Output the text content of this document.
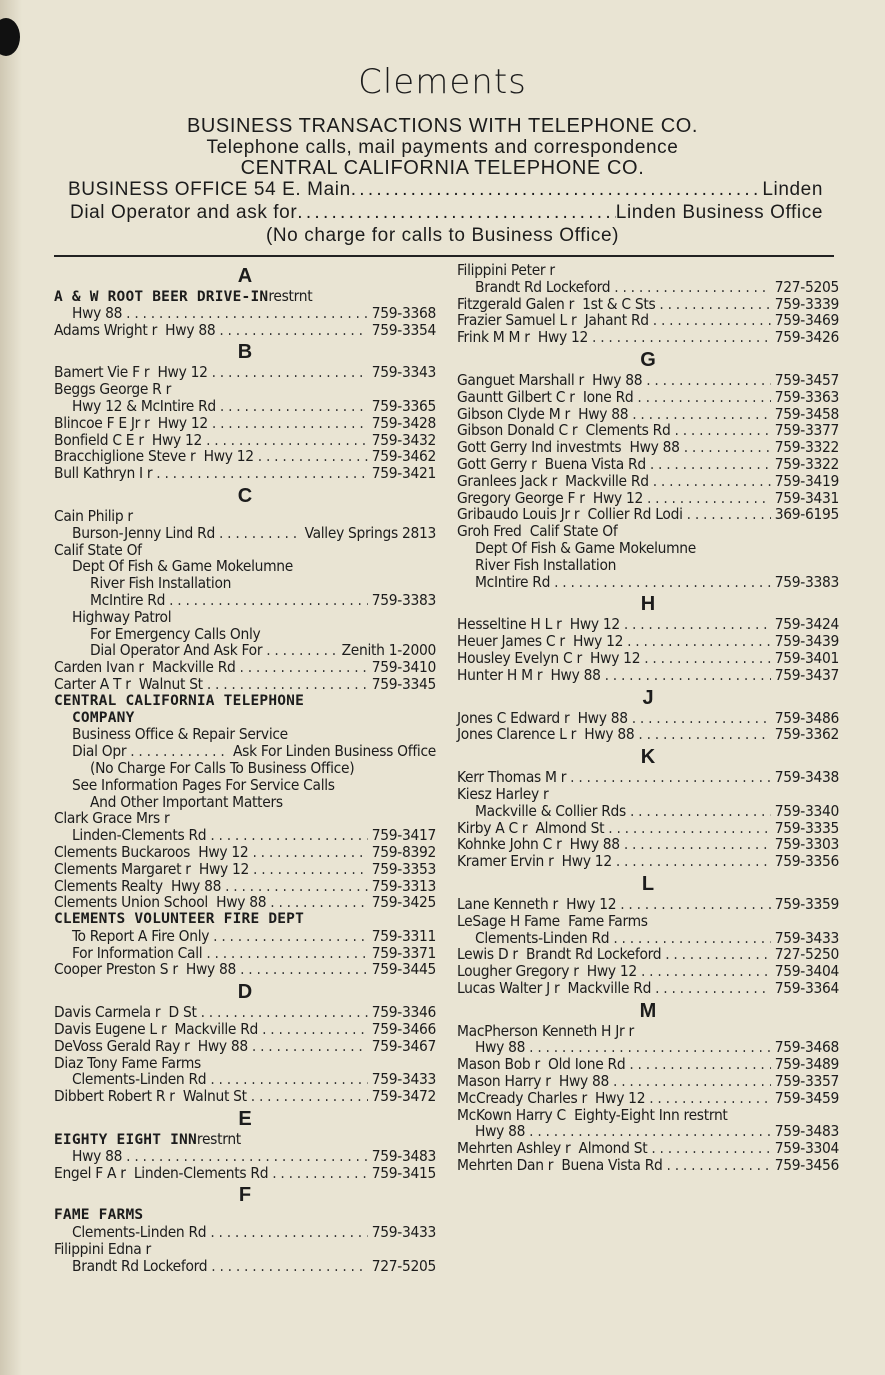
Clements
BUSINESS TRANSACTIONS WITH TELEPHONE CO.
Telephone calls, mail payments and correspondence
CENTRAL CALIFORNIA TELEPHONE CO.
BUSINESS OFFICE 54 E. Main . . .	Linden
Dial Operator and ask for . . .	Linden Business Office
(No charge for calls to Business Office)
A
A & W ROOT BEER DRIVE-IN restrnt
Hwy 88 . . .	759-3368
Adams Wright r  Hwy 88 . . .	759-3354
B
Bamert Vie F r  Hwy 12 . . .	759-3343
Beggs George R r
Hwy 12 & McIntire Rd . . .	759-3365
Blincoe F E Jr r  Hwy 12 . . .	759-3428
Bonfield C E r  Hwy 12 . . .	759-3432
Bracchiglione Steve r  Hwy 12 . . .	759-3462
Bull Kathryn I r . . .	759-3421
C
Cain Philip r
Burson-Jenny Lind Rd . . .	Valley Springs 2813
Calif State Of
Dept Of Fish & Game Mokelumne
River Fish Installation
McIntire Rd . . .	759-3383
Highway Patrol
For Emergency Calls Only
Dial Operator And Ask For . . .	Zenith 1-2000
Carden Ivan r  Mackville Rd . . .	759-3410
Carter A T r  Walnut St . . .	759-3345
CENTRAL CALIFORNIA TELEPHONE
COMPANY
Business Office & Repair Service
Dial Opr . . .	Ask For Linden Business Office
(No Charge For Calls To Business Office)
See Information Pages For Service Calls
And Other Important Matters
Clark Grace Mrs r
Linden-Clements Rd . . .	759-3417
Clements Buckaroos  Hwy 12 . . .	759-8392
Clements Margaret r  Hwy 12 . . .	759-3353
Clements Realty  Hwy 88 . . .	759-3313
Clements Union School  Hwy 88 . . .	759-3425
CLEMENTS VOLUNTEER FIRE DEPT
To Report A Fire Only . . .	759-3311
For Information Call . . .	759-3371
Cooper Preston S r  Hwy 88 . . .	759-3445
D
Davis Carmela r  D St . . .	759-3346
Davis Eugene L r  Mackville Rd . . .	759-3466
DeVoss Gerald Ray r  Hwy 88 . . .	759-3467
Diaz Tony Fame Farms
Clements-Linden Rd . . .	759-3433
Dibbert Robert R r  Walnut St . . .	759-3472
E
EIGHTY EIGHT INN restrnt
Hwy 88 . . .	759-3483
Engel F A r  Linden-Clements Rd . . .	759-3415
F
FAME FARMS
Clements-Linden Rd . . .	759-3433
Filippini Edna r
Brandt Rd Lockeford . . .	727-5205
Filippini Peter r
Brandt Rd Lockeford . . .	727-5205
Fitzgerald Galen r  1st & C Sts . . .	759-3339
Frazier Samuel L r  Jahant Rd . . .	759-3469
Frink M M r  Hwy 12 . . .	759-3426
G
Ganguet Marshall r  Hwy 88 . . .	759-3457
Gauntt Gilbert C r  Ione Rd . . .	759-3363
Gibson Clyde M r  Hwy 88 . . .	759-3458
Gibson Donald C r  Clements Rd . . .	759-3377
Gott Gerry Ind investmts  Hwy 88 . . .	759-3322
Gott Gerry r  Buena Vista Rd . . .	759-3322
Granlees Jack r  Mackville Rd . . .	759-3419
Gregory George F r  Hwy 12 . . .	759-3431
Gribaudo Louis Jr r  Collier Rd Lodi . . .	369-6195
Groh Fred  Calif State Of
Dept Of Fish & Game Mokelumne
River Fish Installation
McIntire Rd . . .	759-3383
H
Hesseltine H L r  Hwy 12 . . .	759-3424
Heuer James C r  Hwy 12 . . .	759-3439
Housley Evelyn C r  Hwy 12 . . .	759-3401
Hunter H M r  Hwy 88 . . .	759-3437
J
Jones C Edward r  Hwy 88 . . .	759-3486
Jones Clarence L r  Hwy 88 . . .	759-3362
K
Kerr Thomas M r . . .	759-3438
Kiesz Harley r
Mackville & Collier Rds . . .	759-3340
Kirby A C r  Almond St . . .	759-3335
Kohnke John C r  Hwy 88 . . .	759-3303
Kramer Ervin r  Hwy 12 . . .	759-3356
L
Lane Kenneth r  Hwy 12 . . .	759-3359
LeSage H Fame  Fame Farms
Clements-Linden Rd . . .	759-3433
Lewis D r  Brandt Rd Lockeford . . .	727-5250
Lougher Gregory r  Hwy 12 . . .	759-3404
Lucas Walter J r  Mackville Rd . . .	759-3364
M
MacPherson Kenneth H Jr r
Hwy 88 . . .	759-3468
Mason Bob r  Old Ione Rd . . .	759-3489
Mason Harry r  Hwy 88 . . .	759-3357
McCready Charles r  Hwy 12 . . .	759-3459
McKown Harry C  Eighty-Eight Inn restrnt
Hwy 88 . . .	759-3483
Mehrten Ashley r  Almond St . . .	759-3304
Mehrten Dan r  Buena Vista Rd . . .	759-3456
